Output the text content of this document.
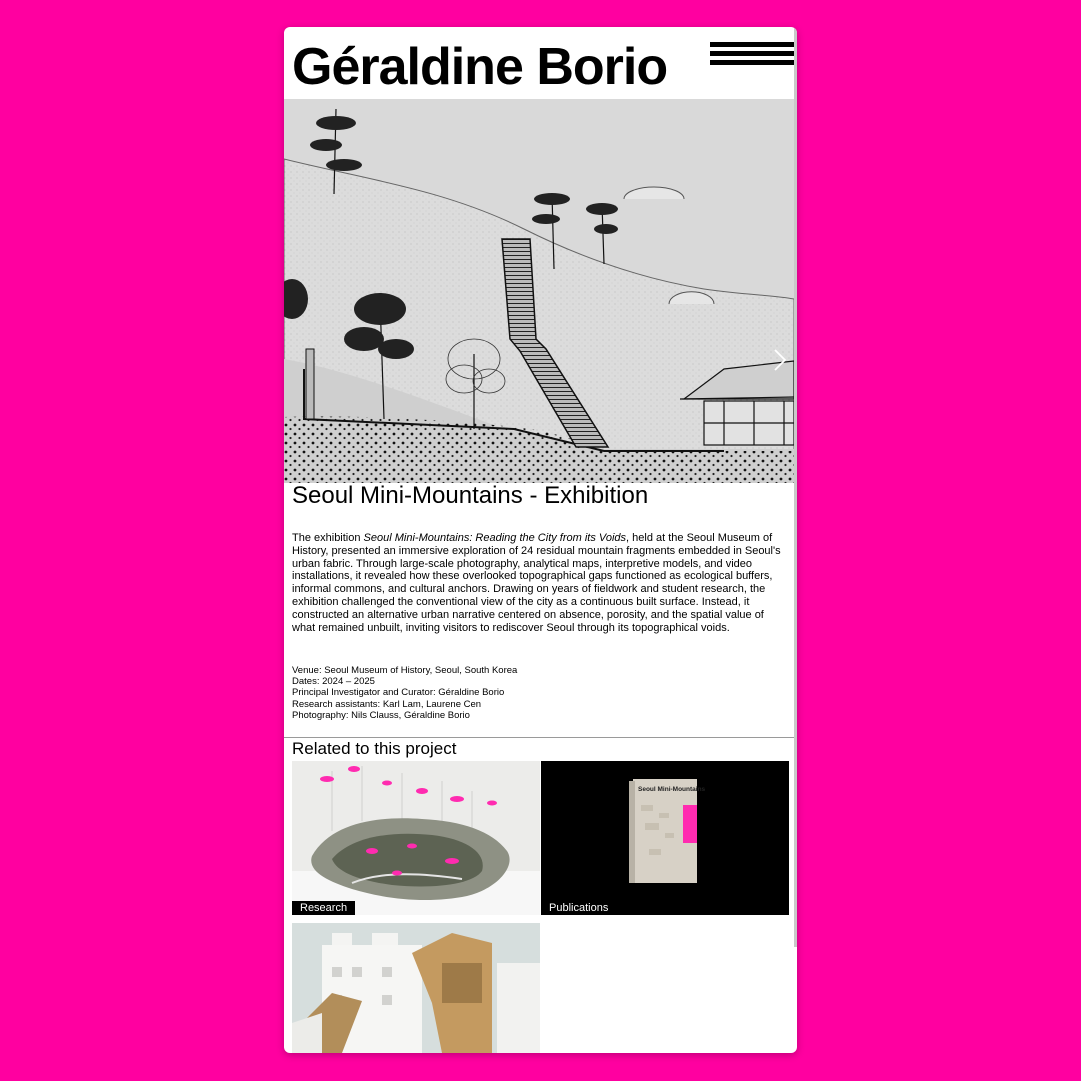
Géraldine Borio
Seoul Mini-Mountains - Exhibition

The exhibition Seoul Mini-Mountains: Reading the City from its Voids, held at the Seoul Museum of History, presented an immersive exploration of 24 residual mountain fragments embedded in Seoul's urban fabric. Through large-scale photography, analytical maps, interpretive models, and video installations, it revealed how these overlooked topographical gaps functioned as ecological buffers, informal commons, and cultural anchors. Drawing on years of fieldwork and student research, the exhibition challenged the conventional view of the city as a continuous built surface. Instead, it constructed an alternative urban narrative centered on absence, porosity, and the spatial value of what remained unbuilt, inviting visitors to rediscover Seoul through its topographical voids.

Venue: Seoul Museum of History, Seoul, South Korea
Dates: 2024 – 2025
Principal Investigator and Curator: Géraldine Borio
Research assistants: Karl Lam, Laurene Cen
Photography: Nils Clauss, Géraldine Borio
Related to this project
Research
Seoul Mini-Mountains
Publications
